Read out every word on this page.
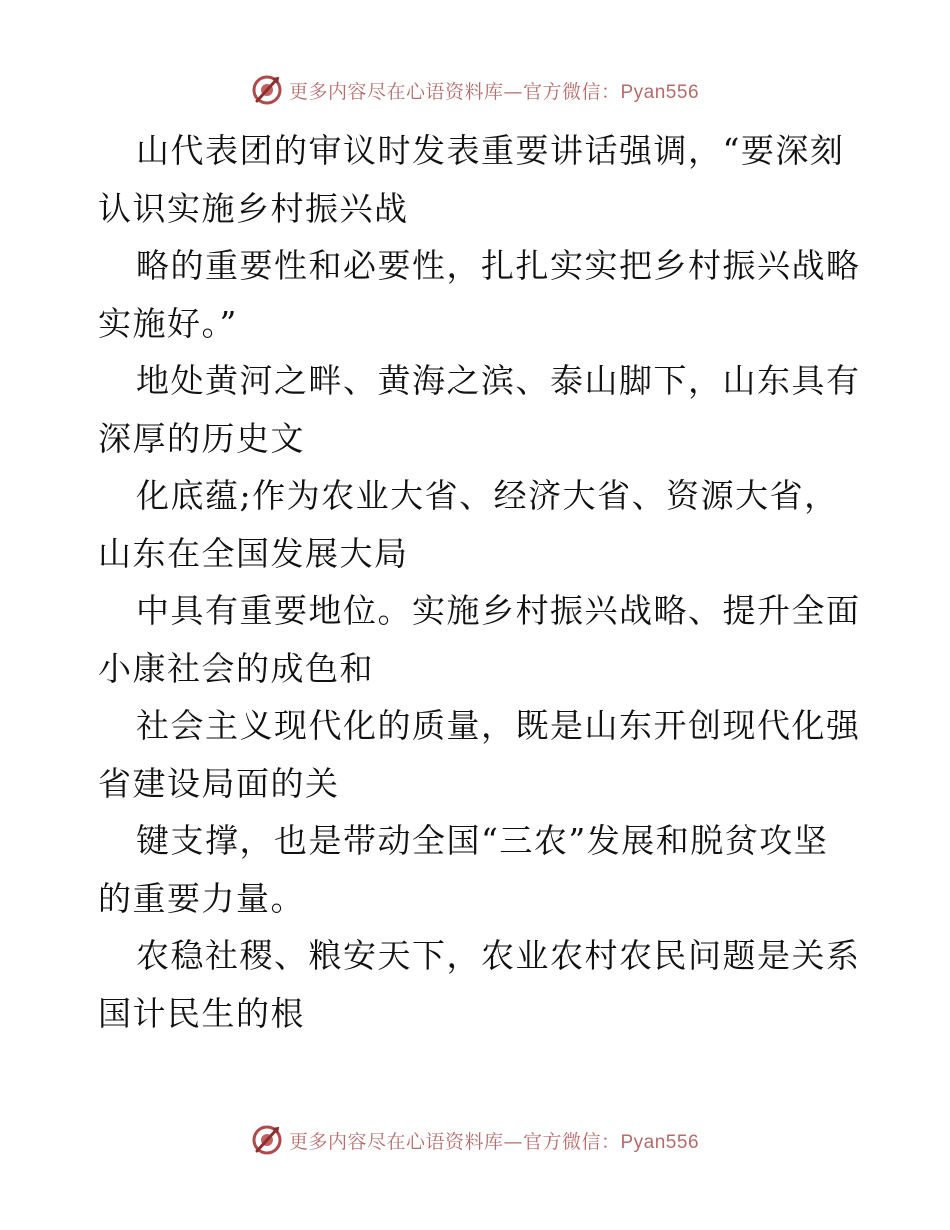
更多内容尽在心语资料库—官方微信：Pyan556
山代表团的审议时发表重要讲话强调，“要深刻
认识实施乡村振兴战
略的重要性和必要性，扎扎实实把乡村振兴战略
实施好。”
地处黄河之畔、黄海之滨、泰山脚下，山东具有
深厚的历史文
化底蕴;作为农业大省、经济大省、资源大省，
山东在全国发展大局
中具有重要地位。实施乡村振兴战略、提升全面
小康社会的成色和
社会主义现代化的质量，既是山东开创现代化强
省建设局面的关
键支撑，也是带动全国“三农”发展和脱贫攻坚
的重要力量。
农稳社稷、粮安天下，农业农村农民问题是关系
国计民生的根
更多内容尽在心语资料库—官方微信：Pyan556
